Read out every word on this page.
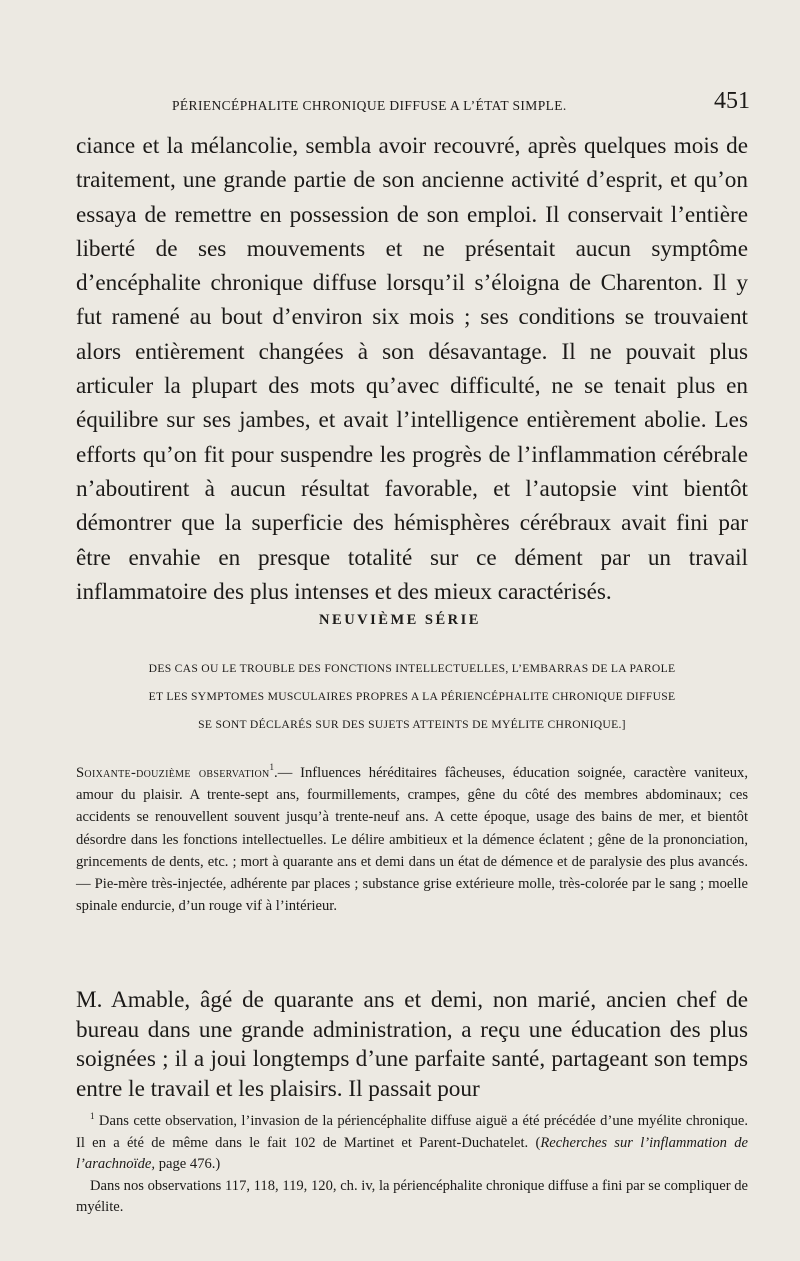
PÉRIENCÉPHALITE CHRONIQUE DIFFUSE A L’ÉTAT SIMPLE.	451

ciance et la mélancolie, sembla avoir recouvré, après quelques mois de traitement, une grande partie de son ancienne activité d’esprit, et qu’on essaya de remettre en possession de son emploi. Il conservait l’entière liberté de ses mouvements et ne présentait aucun symptôme d’encéphalite chronique diffuse lorsqu’il s’éloigna de Charenton. Il y fut ramené au bout d’environ six mois ; ses conditions se trouvaient alors entièrement changées à son désavantage. Il ne pouvait plus articuler la plupart des mots qu’avec difficulté, ne se tenait plus en équilibre sur ses jambes, et avait l’intelligence entièrement abolie. Les efforts qu’on fit pour suspendre les progrès de l’inflammation cérébrale n’aboutirent à aucun résultat favorable, et l’autopsie vint bientôt démontrer que la superficie des hémisphères cérébraux avait fini par être envahie en presque totalité sur ce dément par un travail inflammatoire des plus intenses et des mieux caractérisés.

NEUVIÈME SÉRIE
DES CAS OU LE TROUBLE DES FONCTIONS INTELLECTUELLES, L’EMBARRAS DE LA PAROLE
ET LES SYMPTOMES MUSCULAIRES PROPRES A LA PÉRIENCÉPHALITE CHRONIQUE DIFFUSE
SE SONT DÉCLARÉS SUR DES SUJETS ATTEINTS DE MYÉLITE CHRONIQUE.]

Soixante-douzième observation$^1$.— Influences héréditaires fâcheuses, éducation soignée, caractère vaniteux, amour du plaisir. A trente-sept ans, fourmillements, crampes, gêne du côté des membres abdominaux; ces accidents se renouvellent souvent jusqu’à trente-neuf ans. A cette époque, usage des bains de mer, et bientôt désordre dans les fonctions intellectuelles. Le délire ambitieux et la démence éclatent ; gêne de la prononciation, grincements de dents, etc. ; mort à quarante ans et demi dans un état de démence et de paralysie des plus avancés. — Pie-mère très-injectée, adhérente par places ; substance grise extérieure molle, très-colorée par le sang ; moelle spinale endurcie, d’un rouge vif à l’intérieur.

M. Amable, âgé de quarante ans et demi, non marié, ancien chef de bureau dans une grande administration, a reçu une éducation des plus soignées ; il a joui longtemps d’une parfaite santé, partageant son temps entre le travail et les plaisirs. Il passait pour

$^1$ Dans cette observation, l’invasion de la périencéphalite diffuse aiguë a été précédée d’une myélite chronique. Il en a été de même dans le fait 102 de Martinet et Parent-Duchatelet. (Recherches sur l’inflammation de l’arachnoïde, page 476.)

Dans nos observations 117, 118, 119, 120, ch. iv, la périencéphalite chronique diffuse a fini par se compliquer de myélite.
